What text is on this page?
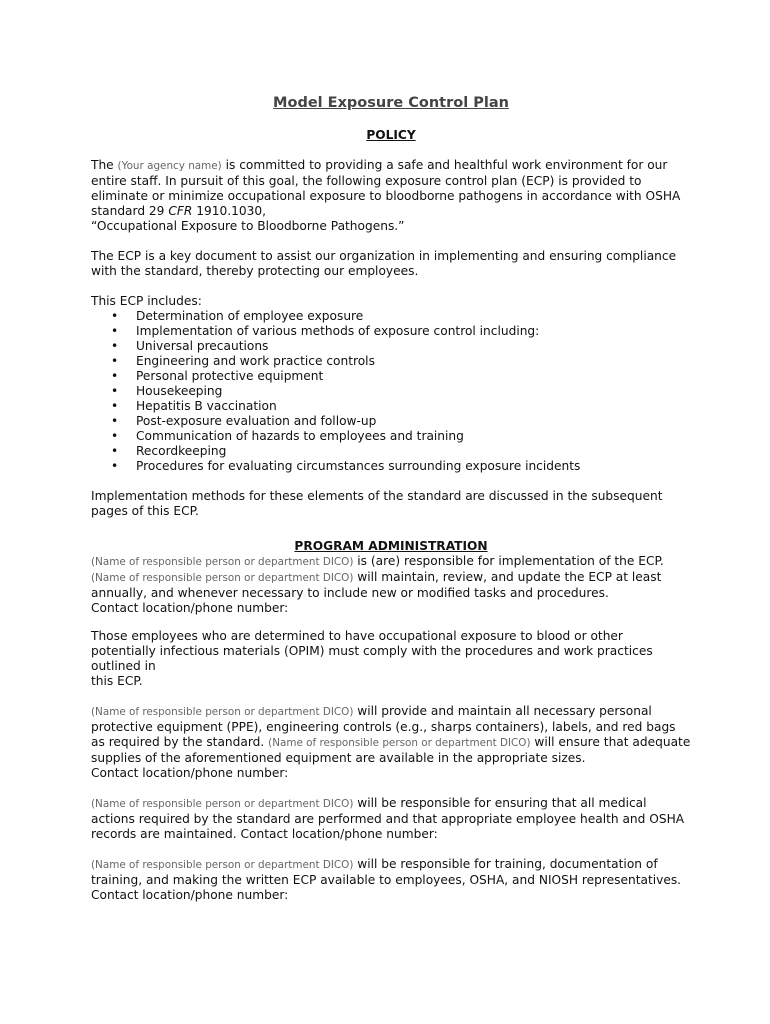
Model Exposure Control Plan
POLICY

The (Your agency name) is committed to providing a safe and healthful work environment for our entire staff. In pursuit of this goal, the following exposure control plan (ECP) is provided to eliminate or minimize occupational exposure to bloodborne pathogens in accordance with OSHA standard 29 CFR 1910.1030,
“Occupational Exposure to Bloodborne Pathogens.”

The ECP is a key document to assist our organization in implementing and ensuring compliance with the standard, thereby protecting our employees.

This ECP includes:

• Determination of employee exposure
• Implementation of various methods of exposure control including:
• Universal precautions
• Engineering and work practice controls
• Personal protective equipment
• Housekeeping
• Hepatitis B vaccination
• Post-exposure evaluation and follow-up
• Communication of hazards to employees and training
• Recordkeeping
• Procedures for evaluating circumstances surrounding exposure incidents

Implementation methods for these elements of the standard are discussed in the subsequent pages of this ECP.

PROGRAM ADMINISTRATION

(Name of responsible person or department DICO) is (are) responsible for implementation of the ECP. (Name of responsible person or department DICO) will maintain, review, and update the ECP at least annually, and whenever necessary to include new or modified tasks and procedures.
Contact location/phone number:

Those employees who are determined to have occupational exposure to blood or other potentially infectious materials (OPIM) must comply with the procedures and work practices outlined in
this ECP.

(Name of responsible person or department DICO) will provide and maintain all necessary personal protective equipment (PPE), engineering controls (e.g., sharps containers), labels, and red bags as required by the standard. (Name of responsible person or department DICO) will ensure that adequate supplies of the aforementioned equipment are available in the appropriate sizes.
Contact location/phone number:

(Name of responsible person or department DICO) will be responsible for ensuring that all medical actions required by the standard are performed and that appropriate employee health and OSHA records are maintained. Contact location/phone number:

(Name of responsible person or department DICO) will be responsible for training, documentation of training, and making the written ECP available to employees, OSHA, and NIOSH representatives.
Contact location/phone number:
